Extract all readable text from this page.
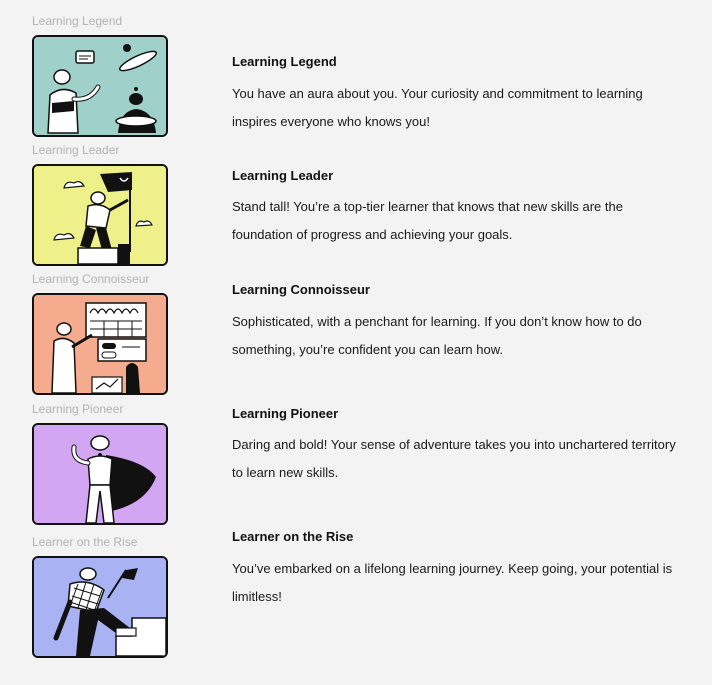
Learning Legend
Learning Legend
You have an aura about you. Your curiosity and commitment to learning inspires everyone who knows you!
Learning Leader
Learning Leader
Stand tall! You’re a top-tier learner that knows that new skills are the foundation of progress and achieving your goals.
Learning Connoisseur
Learning Connoisseur
Sophisticated, with a penchant for learning. If you don’t know how to do something, you’re confident you can learn how.
Learning Pioneer	Learning Pioneer
Daring and bold! Your sense of adventure takes you into unchartered territory to learn new skills.
Learner on the Rise	Learner on the Rise
You’ve embarked on a lifelong learning journey. Keep going, your potential is limitless!
